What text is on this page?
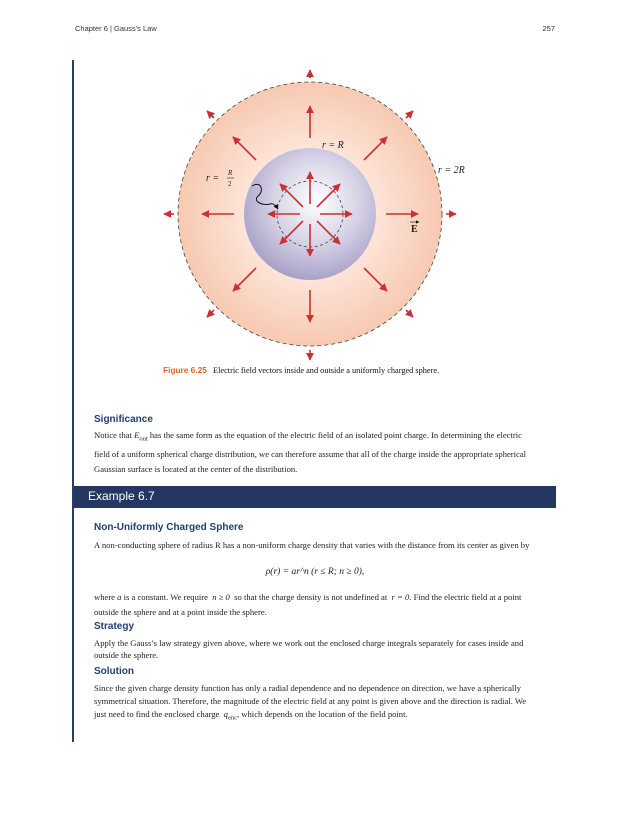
Chapter 6 | Gauss's Law	257
r = R
r = 2R
r = R
2
E
Figure 6.25 Electric field vectors inside and outside a uniformly charged sphere.
Significance
Notice that $E_{out}$ has the same form as the equation of the electric field of an isolated point charge. In determining the electric field of a uniform spherical charge distribution, we can therefore assume that all of the charge inside the appropriate spherical Gaussian surface is located at the center of the distribution.
Example 6.7
Non-Uniformly Charged Sphere
A non-conducting sphere of radius R has a non-uniform charge density that varies with the distance from its center as given by
ρ(r) = ar^n (r ≤ R; n ≥ 0),
where a is a constant. We require n ≥ 0 so that the charge density is not undefined at r = 0. Find the electric field at a point outside the sphere and at a point inside the sphere.
Strategy
Apply the Gauss’s law strategy given above, where we work out the enclosed charge integrals separately for cases inside and outside the sphere.
Solution
Since the given charge density function has only a radial dependence and no dependence on direction, we have a spherically symmetrical situation. Therefore, the magnitude of the electric field at any point is given above and the direction is radial. We just need to find the enclosed charge $q_{enc}$, which depends on the location of the field point.
